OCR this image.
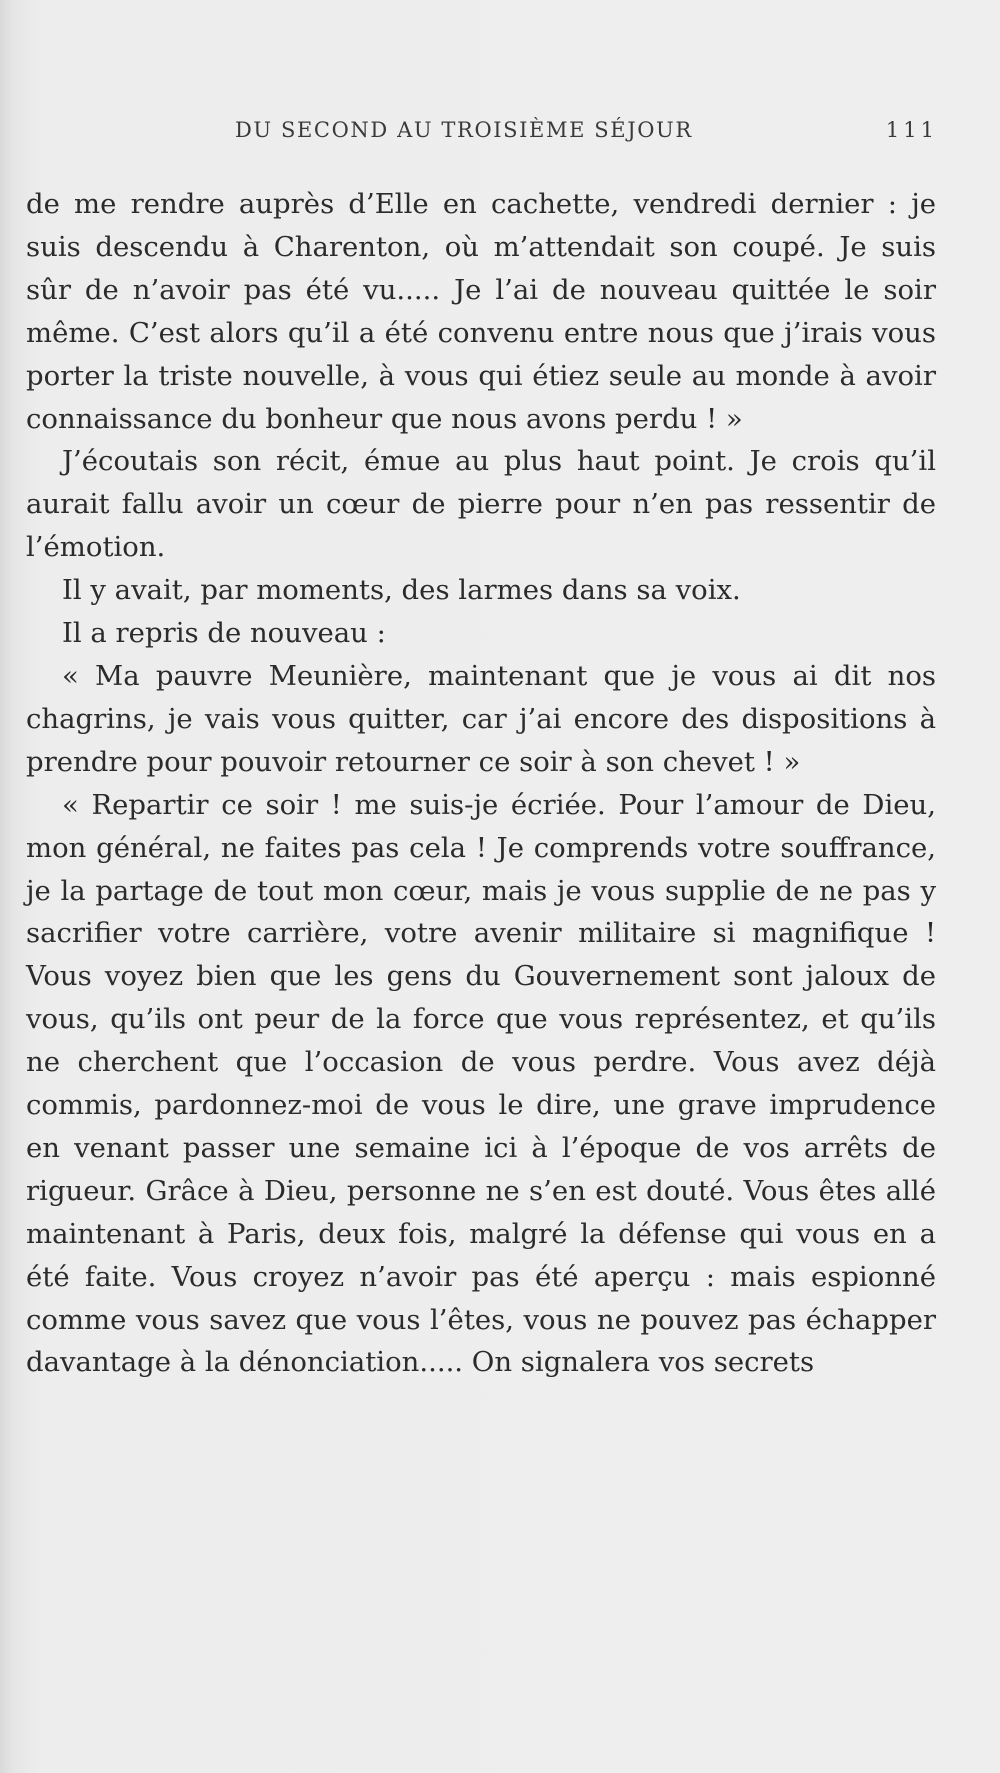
DU SECOND AU TROISIÈME SÉJOUR	111

de me rendre auprès d’Elle en cachette, vendredi dernier : je suis descendu à Charenton, où m’attendait son coupé. Je suis sûr de n’avoir pas été vu..... Je l’ai de nouveau quittée le soir même. C’est alors qu’il a été convenu entre nous que j’irais vous porter la triste nouvelle, à vous qui étiez seule au monde à avoir connaissance du bonheur que nous avons perdu ! »

J’écoutais son récit, émue au plus haut point. Je crois qu’il aurait fallu avoir un cœur de pierre pour n’en pas ressentir de l’émotion.

Il y avait, par moments, des larmes dans sa voix.

Il a repris de nouveau :

« Ma pauvre Meunière, maintenant que je vous ai dit nos chagrins, je vais vous quitter, car j’ai encore des dispositions à prendre pour pouvoir retourner ce soir à son chevet ! »

« Repartir ce soir ! me suis-je écriée. Pour l’amour de Dieu, mon général, ne faites pas cela ! Je comprends votre souffrance, je la partage de tout mon cœur, mais je vous supplie de ne pas y sacrifier votre carrière, votre avenir militaire si magnifique ! Vous voyez bien que les gens du Gouvernement sont jaloux de vous, qu’ils ont peur de la force que vous représentez, et qu’ils ne cherchent que l’occasion de vous perdre. Vous avez déjà commis, pardonnez-moi de vous le dire, une grave imprudence en venant passer une semaine ici à l’époque de vos arrêts de rigueur. Grâce à Dieu, personne ne s’en est douté. Vous êtes allé maintenant à Paris, deux fois, malgré la défense qui vous en a été faite. Vous croyez n’avoir pas été aperçu : mais espionné comme vous savez que vous l’êtes, vous ne pouvez pas échapper davantage à la dénonciation..... On signalera vos secrets
